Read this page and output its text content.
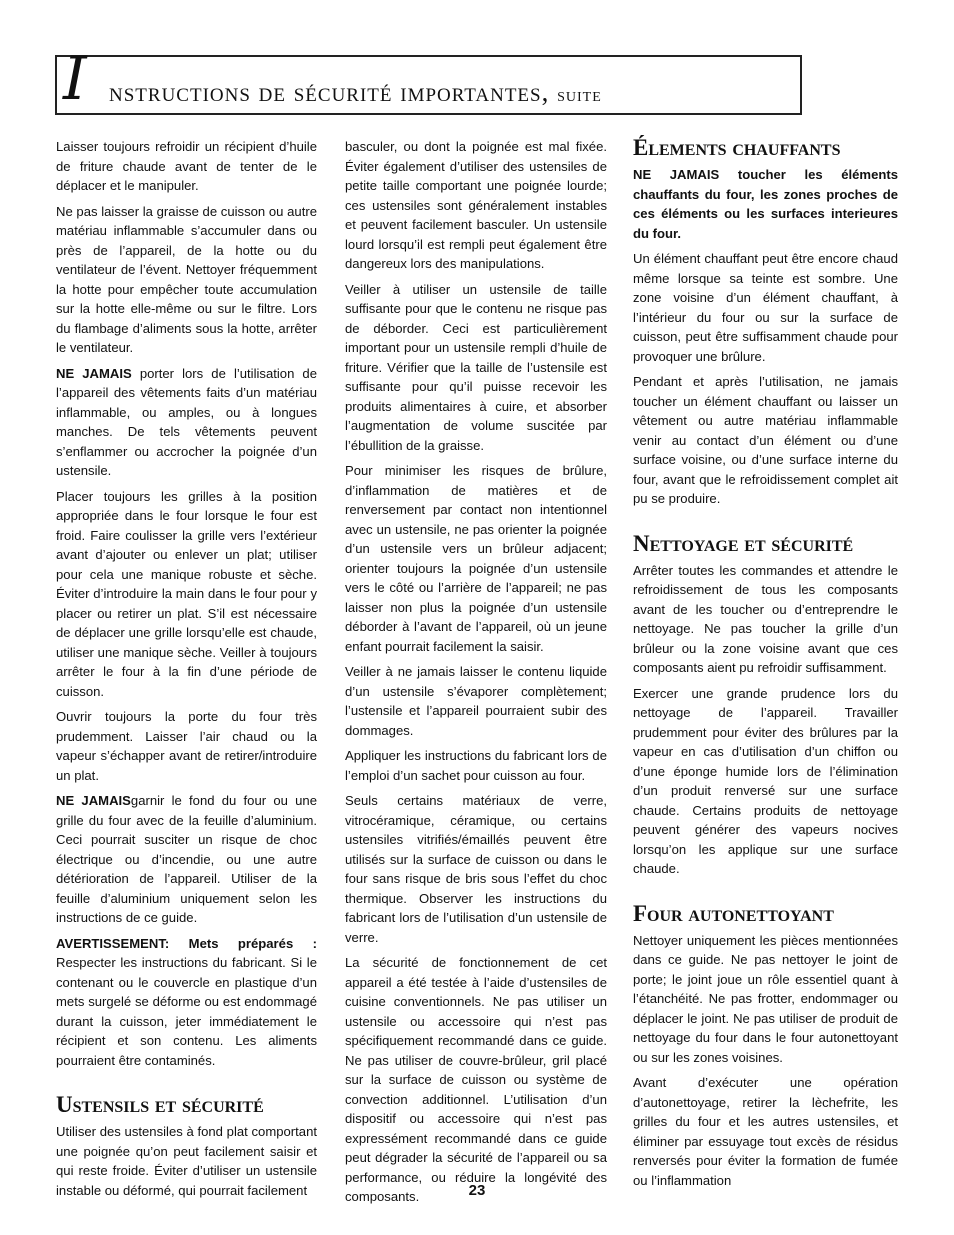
I nstructions de sécurité importantes, suite

Laisser toujours refroidir un récipient d’huile de friture chaude avant de tenter de le déplacer et le manipuler.

Ne pas laisser la graisse de cuisson ou autre matériau inflammable s’accumuler dans ou près de l’appareil, de la hotte ou du ventilateur de l’évent. Nettoyer fréquemment la hotte pour empêcher toute accumulation sur la hotte elle-même ou sur le filtre. Lors du flambage d’aliments sous la hotte, arrêter le ventilateur.

NE JAMAIS porter lors de l’utilisation de l’appareil des vêtements faits d’un matériau inflammable, ou amples, ou à longues manches. De tels vêtements peuvent s’enflammer ou accrocher la poignée d’un ustensile.

Placer toujours les grilles à la position appropriée dans le four lorsque le four est froid. Faire coulisser la grille vers l’extérieur avant d’ajouter ou enlever un plat; utiliser pour cela une manique robuste et sèche. Éviter d’introduire la main dans le four pour y placer ou retirer un plat. S’il est nécessaire de déplacer une grille lorsqu’elle est chaude, utiliser une manique sèche. Veiller à toujours arrêter le four à la fin d’une période de cuisson.

Ouvrir toujours la porte du four très prudemment. Laisser l’air chaud ou la vapeur s’échapper avant de retirer/introduire un plat.

NE JAMAISgarnir le fond du four ou une grille du four avec de la feuille d’aluminium. Ceci pourrait susciter un risque de choc électrique ou d’incendie, ou une autre détérioration de l’appareil. Utiliser de la feuille d’aluminium uniquement selon les instructions de ce guide.

AVERTISSEMENT: Mets préparés : Respecter les instructions du fabricant. Si le contenant ou le couvercle en plastique d’un mets surgelé se déforme ou est endommagé durant la cuisson, jeter immédiatement le récipient et son contenu. Les aliments pourraient être contaminés.

Ustensils et sécurité

Utiliser des ustensiles à fond plat comportant une poignée qu’on peut facilement saisir et qui reste froide. Éviter d’utiliser un ustensile instable ou déformé, qui pourrait facilement

basculer, ou dont la poignée est mal fixée. Éviter également d’utiliser des ustensiles de petite taille comportant une poignée lourde; ces ustensiles sont généralement instables et peuvent facilement basculer. Un ustensile lourd lorsqu’il est rempli peut également être dangereux lors des manipulations.

Veiller à utiliser un ustensile de taille suffisante pour que le contenu ne risque pas de déborder. Ceci est particulièrement important pour un ustensile rempli d’huile de friture. Vérifier que la taille de l’ustensile est suffisante pour qu’il puisse recevoir les produits alimentaires à cuire, et absorber l’augmentation de volume suscitée par l’ébullition de la graisse.

Pour minimiser les risques de brûlure, d’inflammation de matières et de renversement par contact non intentionnel avec un ustensile, ne pas orienter la poignée d’un ustensile vers un brûleur adjacent; orienter toujours la poignée d’un ustensile vers le côté ou l’arrière de l’appareil; ne pas laisser non plus la poignée d’un ustensile déborder à l’avant de l’appareil, où un jeune enfant pourrait facilement la saisir.

Veiller à ne jamais laisser le contenu liquide d’un ustensile s’évaporer complètement; l’ustensile et l’appareil pourraient subir des dommages.

Appliquer les instructions du fabricant lors de l’emploi d’un sachet pour cuisson au four.

Seuls certains matériaux de verre, vitrocéramique, céramique, ou certains ustensiles vitrifiés/émaillés peuvent être utilisés sur la surface de cuisson ou dans le four sans risque de bris sous l’effet du choc thermique. Observer les instructions du fabricant lors de l’utilisation d’un ustensile de verre.

La sécurité de fonctionnement de cet appareil a été testée à l’aide d’ustensiles de cuisine conventionnels. Ne pas utiliser un ustensile ou accessoire qui n’est pas spécifiquement recommandé dans ce guide. Ne pas utiliser de couvre-brûleur, gril placé sur la surface de cuisson ou système de convection additionnel. L’utilisation d’un dispositif ou accessoire qui n’est pas expressément recommandé dans ce guide peut dégrader la sécurité de l’appareil ou sa performance, ou réduire la longévité des composants.

Élements chauffants

NE JAMAIS toucher les éléments chauffants du four, les zones proches de ces éléments ou les surfaces interieures du four.

Un élément chauffant peut être encore chaud même lorsque sa teinte est sombre. Une zone voisine d’un élément chauffant, à l’intérieur du four ou sur la surface de cuisson, peut être suffisamment chaude pour provoquer une brûlure.

Pendant et après l’utilisation, ne jamais toucher un élément chauffant ou laisser un vêtement ou autre matériau inflammable venir au contact d’un élément ou d’une surface voisine, ou d’une surface interne du four, avant que le refroidissement complet ait pu se produire.

Nettoyage et sécurité

Arrêter toutes les commandes et attendre le refroidissement de tous les composants avant de les toucher ou d’entreprendre le nettoyage. Ne pas toucher la grille d’un brûleur ou la zone voisine avant que ces composants aient pu refroidir suffisamment.

Exercer une grande prudence lors du nettoyage de l’appareil. Travailler prudemment pour éviter des brûlures par la vapeur en cas d’utilisation d’un chiffon ou d’une éponge humide lors de l’élimination d’un produit renversé sur une surface chaude. Certains produits de nettoyage peuvent générer des vapeurs nocives lorsqu’on les applique sur une surface chaude.

Four autonettoyant

Nettoyer uniquement les pièces mentionnées dans ce guide. Ne pas nettoyer le joint de porte; le joint joue un rôle essentiel quant à l’étanchéité. Ne pas frotter, endommager ou déplacer le joint. Ne pas utiliser de produit de nettoyage du four dans le four autonettoyant ou sur les zones voisines.

Avant d’exécuter une opération d’autonettoyage, retirer la lèchefrite, les grilles du four et les autres ustensiles, et éliminer par essuyage tout excès de résidus renversés pour éviter la formation de fumée ou l’inflammation

23
